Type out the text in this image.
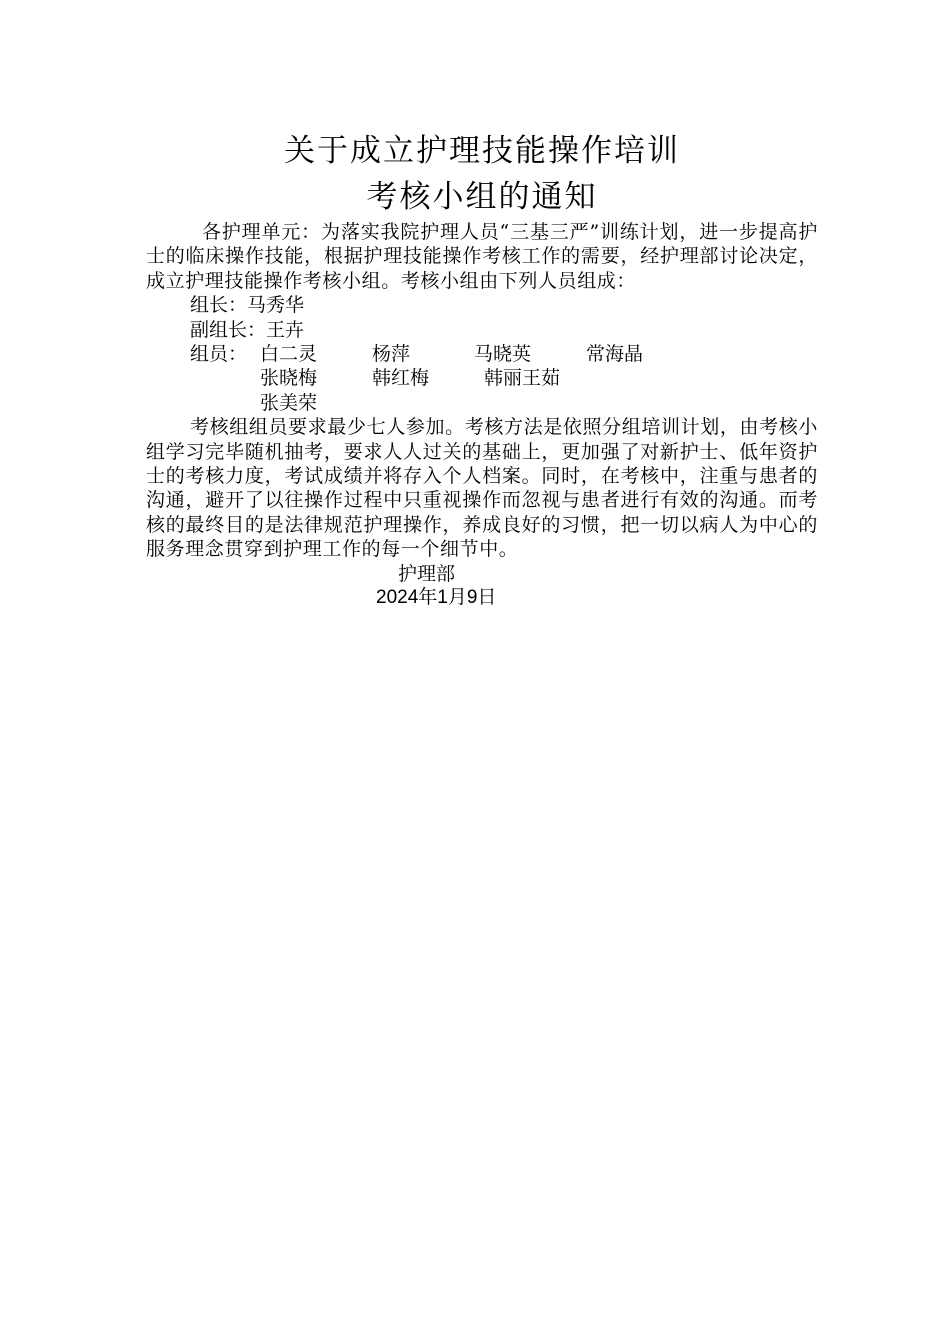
关于成立护理技能操作培训
考核小组的通知

各护理单元：为落实我院护理人员“三基三严”训练计划，进一步提高护士的临床操作技能，根据护理技能操作考核工作的需要，经护理部讨论决定，成立护理技能操作考核小组。考核小组由下列人员组成：

组长：马秀华
副组长：王卉
组员： 白二灵	杨萍	马晓英	常海晶
张晓梅	韩红梅	韩丽王茹
张美荣

考核组组员要求最少七人参加。考核方法是依照分组培训计划，由考核小组学习完毕随机抽考，要求人人过关的基础上，更加强了对新护士、低年资护士的考核力度，考试成绩并将存入个人档案。同时，在考核中，注重与患者的沟通，避开了以往操作过程中只重视操作而忽视与患者进行有效的沟通。而考核的最终目的是法律规范护理操作，养成良好的习惯，把一切以病人为中心的服务理念贯穿到护理工作的每一个细节中。

护理部

2024年1月9日
